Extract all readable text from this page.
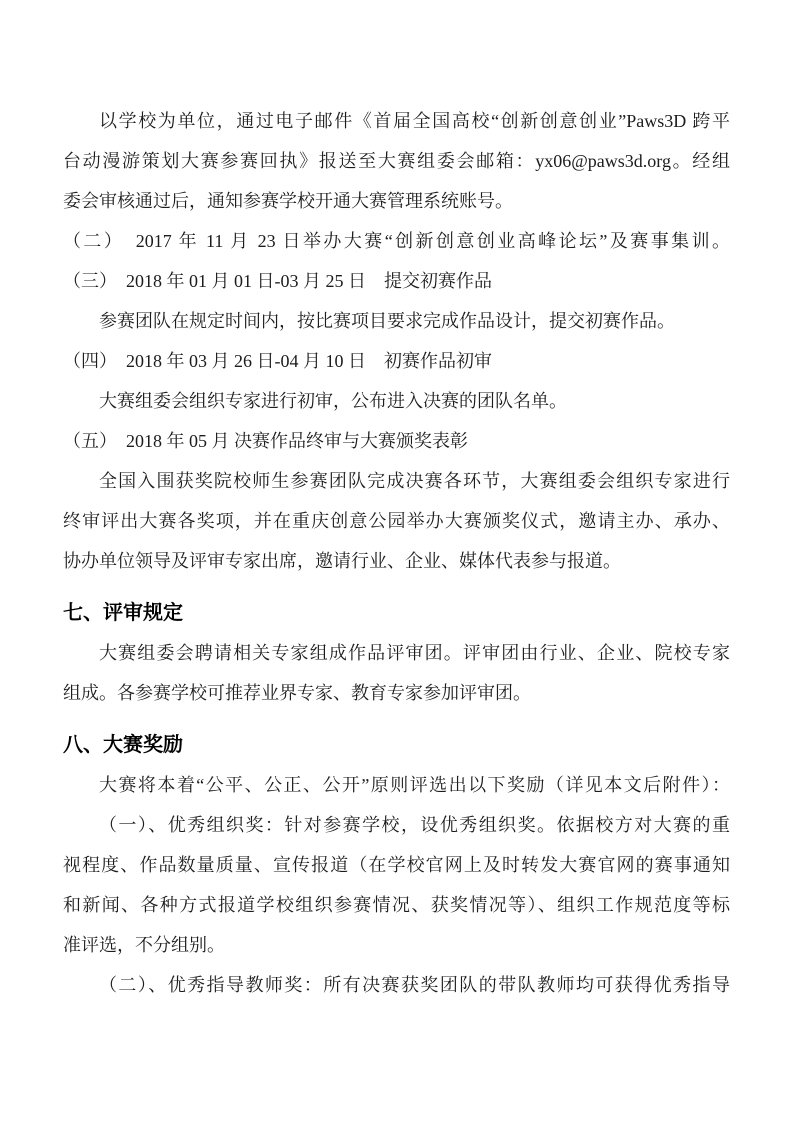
以学校为单位，通过电子邮件《首届全国高校“创新创意创业”Paws3D 跨平
台动漫游策划大赛参赛回执》报送至大赛组委会邮箱：yx06@paws3d.org。经组
委会审核通过后，通知参赛学校开通大赛管理系统账号。
（二）　2017 年 11 月 23 日举办大赛“创新创意创业高峰论坛”及赛事集训。
（三）　2018 年 01 月 01 日-03 月 25 日　提交初赛作品
参赛团队在规定时间内，按比赛项目要求完成作品设计，提交初赛作品。
（四）　2018 年 03 月 26 日-04 月 10 日　初赛作品初审
大赛组委会组织专家进行初审，公布进入决赛的团队名单。
（五）　2018 年 05 月 决赛作品终审与大赛颁奖表彰
全国入围获奖院校师生参赛团队完成决赛各环节，大赛组委会组织专家进行
终审评出大赛各奖项，并在重庆创意公园举办大赛颁奖仪式，邀请主办、承办、
协办单位领导及评审专家出席，邀请行业、企业、媒体代表参与报道。
七、评审规定
大赛组委会聘请相关专家组成作品评审团。评审团由行业、企业、院校专家
组成。各参赛学校可推荐业界专家、教育专家参加评审团。
八、大赛奖励
大赛将本着“公平、公正、公开”原则评选出以下奖励（详见本文后附件）：
（一）、优秀组织奖：针对参赛学校，设优秀组织奖。依据校方对大赛的重
视程度、作品数量质量、宣传报道（在学校官网上及时转发大赛官网的赛事通知
和新闻、各种方式报道学校组织参赛情况、获奖情况等）、组织工作规范度等标
准评选，不分组别。
（二）、优秀指导教师奖：所有决赛获奖团队的带队教师均可获得优秀指导
